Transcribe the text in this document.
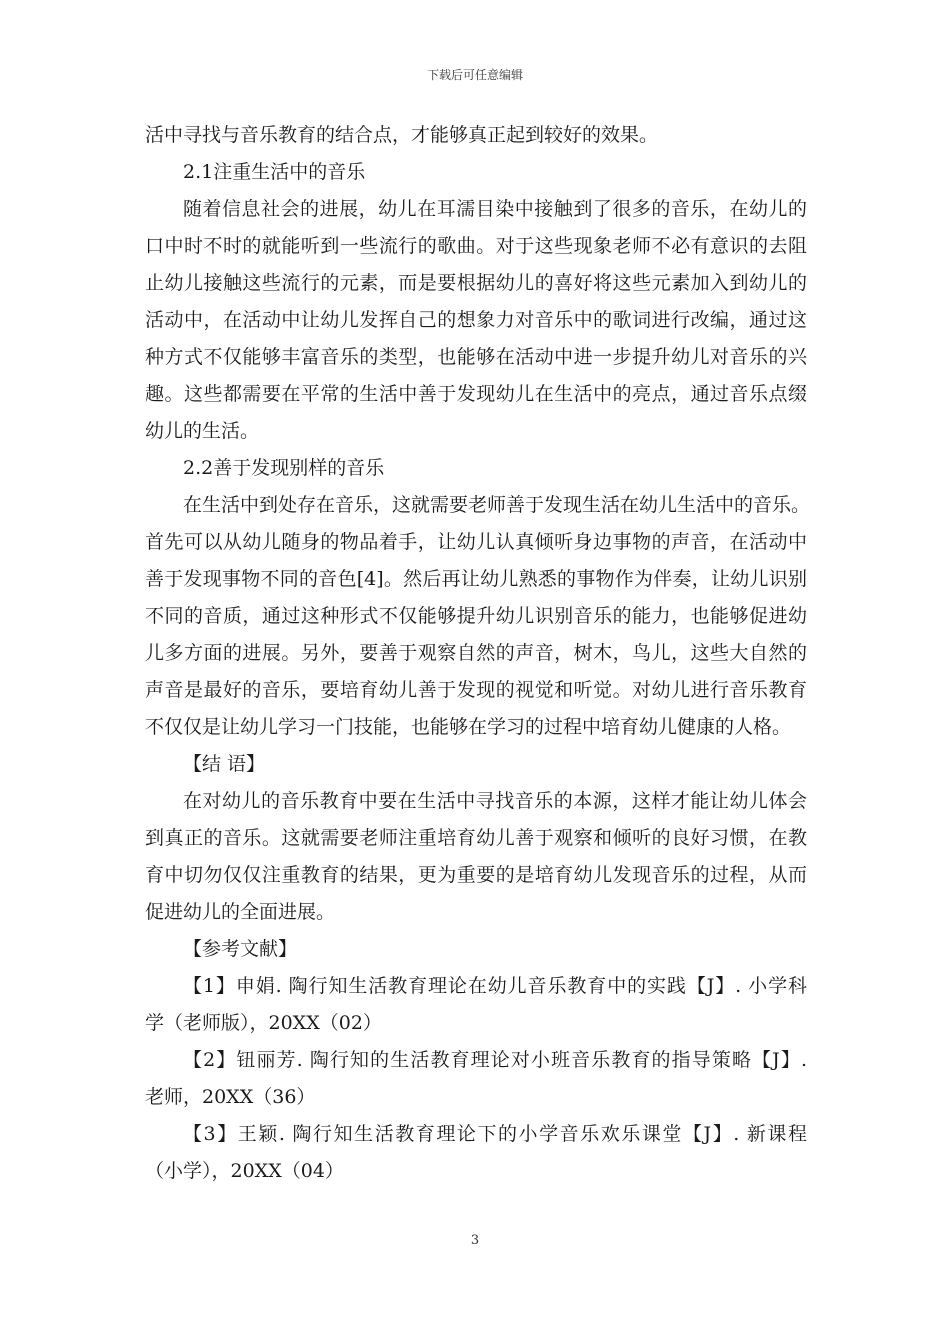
下载后可任意编辑
活中寻找与音乐教育的结合点，才能够真正起到较好的效果。
2.1注重生活中的音乐
随着信息社会的进展，幼儿在耳濡目染中接触到了很多的音乐，在幼儿的
口中时不时的就能听到一些流行的歌曲。对于这些现象老师不必有意识的去阻
止幼儿接触这些流行的元素，而是要根据幼儿的喜好将这些元素加入到幼儿的
活动中，在活动中让幼儿发挥自己的想象力对音乐中的歌词进行改编，通过这
种方式不仅能够丰富音乐的类型，也能够在活动中进一步提升幼儿对音乐的兴
趣。这些都需要在平常的生活中善于发现幼儿在生活中的亮点，通过音乐点缀
幼儿的生活。
2.2善于发现别样的音乐
在生活中到处存在音乐，这就需要老师善于发现生活在幼儿生活中的音乐。
首先可以从幼儿随身的物品着手，让幼儿认真倾听身边事物的声音，在活动中
善于发现事物不同的音色[4]。然后再让幼儿熟悉的事物作为伴奏，让幼儿识别
不同的音质，通过这种形式不仅能够提升幼儿识别音乐的能力，也能够促进幼
儿多方面的进展。另外，要善于观察自然的声音，树木，鸟儿，这些大自然的
声音是最好的音乐，要培育幼儿善于发现的视觉和听觉。对幼儿进行音乐教育
不仅仅是让幼儿学习一门技能，也能够在学习的过程中培育幼儿健康的人格。
【结 语】
在对幼儿的音乐教育中要在生活中寻找音乐的本源，这样才能让幼儿体会
到真正的音乐。这就需要老师注重培育幼儿善于观察和倾听的良好习惯，在教
育中切勿仅仅注重教育的结果，更为重要的是培育幼儿发现音乐的过程，从而
促进幼儿的全面进展。
【参考文献】
【1】申娟. 陶行知生活教育理论在幼儿音乐教育中的实践【J】. 小学科
学（老师版），20XX（02）
【2】钮丽芳. 陶行知的生活教育理论对小班音乐教育的指导策略【J】.
老师，20XX（36）
【3】王颖. 陶行知生活教育理论下的小学音乐欢乐课堂【J】. 新课程
（小学），20XX（04）
3
